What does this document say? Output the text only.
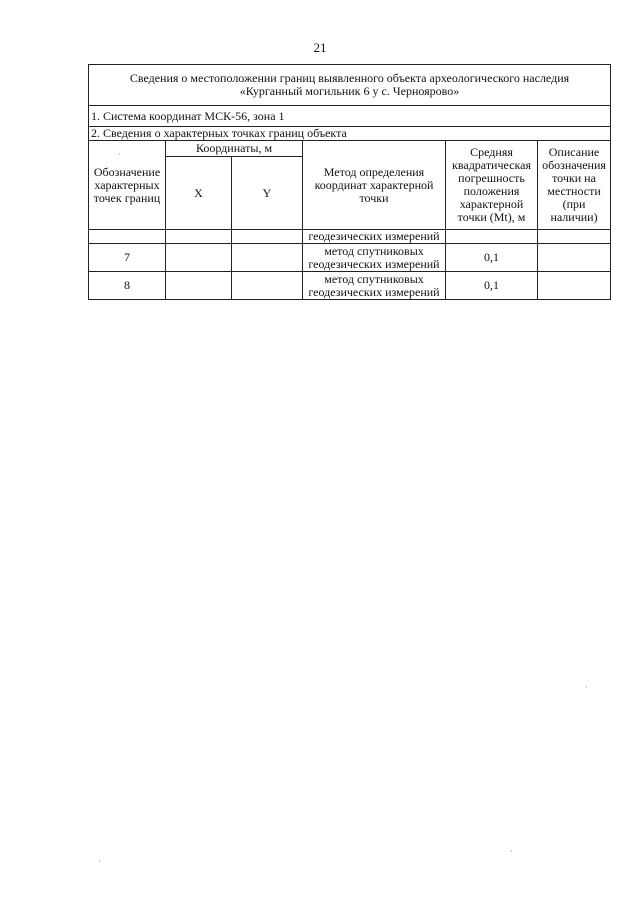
21
Сведения о местоположении границ выявленного объекта археологического наследия
«Курганный могильник 6 у с. Черноярово»					

1. Система координат МСК-56, зона 1					
2. Сведения о характерных точках границ объекта					
Обозначение характерных точек границ	Координаты, м		Метод определения координат характерной точки	Средняя квадратическая погрешность положения характерной точки (Mt), м	Описание обозначения точки на местности (при наличии)
	X	Y			
			геодезических измерений		
7			метод спутниковых геодезических измерений	0,1	
8			метод спутниковых геодезических измерений	0,1	
·
·
·
·
